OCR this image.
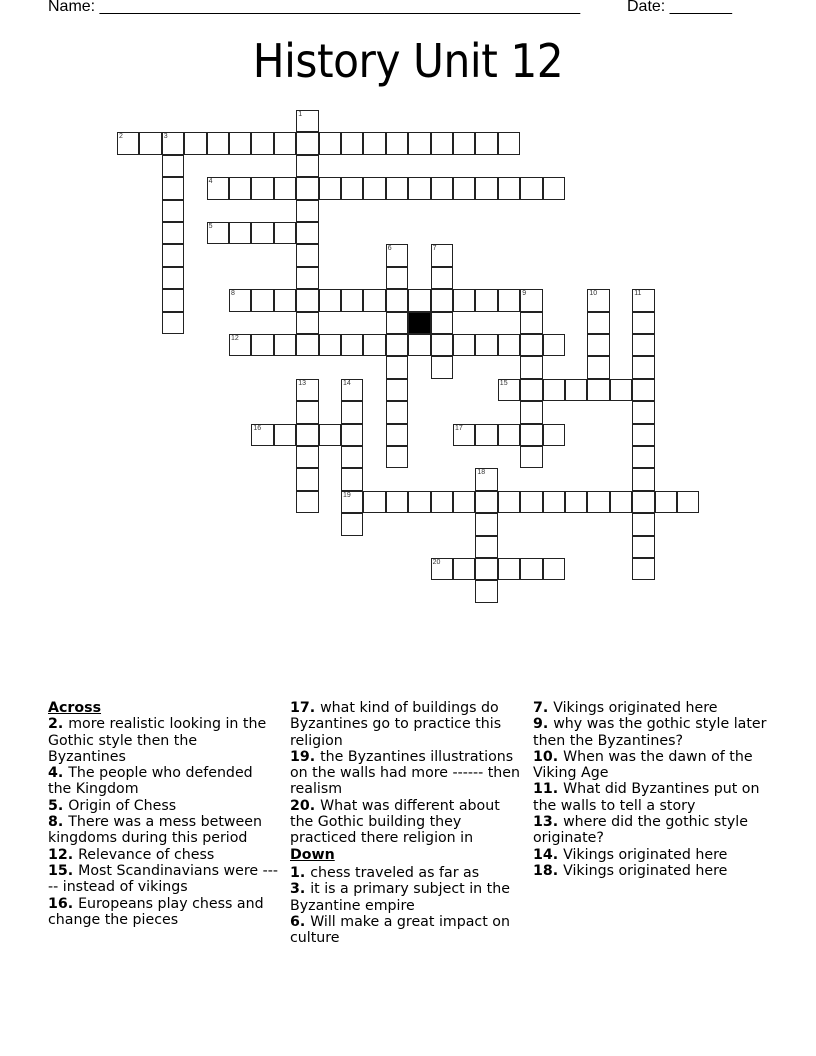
Name: ______________________________________________________	Date: _______
History Unit 12
2	3
4
5
8	9
12
15
16	17
19
20
1
6	7
10	11
13	14
18
Across
2. more realistic looking in the Gothic style then the Byzantines
4. The people who defended the Kingdom
5. Origin of Chess
8. There was a mess between kingdoms during this period
12. Relevance of chess
15. Most Scandinavians were ----- instead of vikings
16. Europeans play chess and change the pieces
17. what kind of buildings do Byzantines go to practice this religion
19. the Byzantines illustrations on the walls had more ------ then realism
20. What was different about the Gothic building they practiced there religion in
Down
1. chess traveled as far as
3. it is a primary subject in the Byzantine empire
6. Will make a great impact on culture
7. Vikings originated here
9. why was the gothic style later then the Byzantines?
10. When was the dawn of the Viking Age
11. What did Byzantines put on the walls to tell a story
13. where did the gothic style originate?
14. Vikings originated here
18. Vikings originated here
